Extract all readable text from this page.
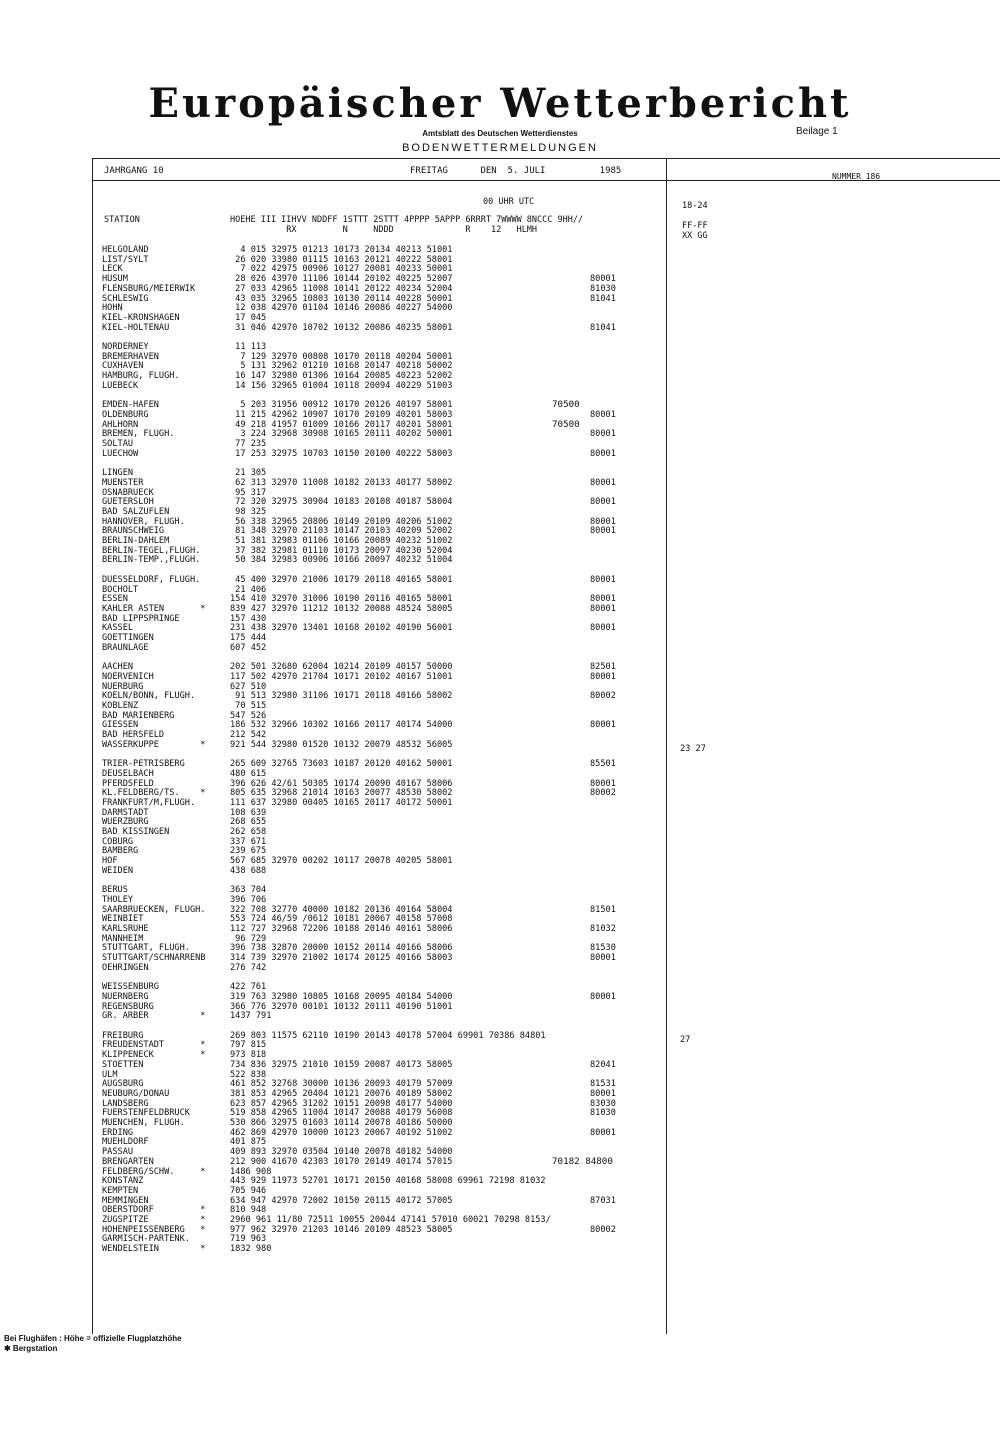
Europäischer Wetterbericht
Amtsblatt des Deutschen Wetterdienstes	Beilage 1
BODENWETTERMELDUNGEN
JAHRGANG 10	FREITAG      DEN  5. JULI          1985
NUMMER 186
00 UHR UTC	18-24
STATION	HOEHE III IIHVV NDDFF 1STTT 2STTT 4PPPP 5APPP 6RRRT 7WWWW 8NCCC 9HH//
RX         N     NDDD              R    12   HLMH	FF-FF
XX GG
HELGOLAND	4 015 32975 01213 10173 20134 40213 51001
LIST/SYLT	26 020 33980 01115 10163 20121 40222 58001
LECK	7 022 42975 00906 10127 20081 40233 50001
HUSUM	28 026 43970 11106 10144 20102 40225 52007	80001
FLENSBURG/MEIERWIK	27 033 42965 11008 10141 20122 40234 52004	81030
SCHLESWIG	43 035 32965 10803 10130 20114 40228 50001	81041
HOHN	12 038 42970 01104 10146 20086 40227 54000
KIEL-KRONSHAGEN	17 045
KIEL-HOLTENAU	31 046 42970 10702 10132 20086 40235 58001	81041
NORDERNEY	11 113
BREMERHAVEN	7 129 32970 00808 10170 20118 40204 50001
CUXHAVEN	5 131 32962 01210 10168 20147 40218 50002
HAMBURG, FLUGH.	16 147 32980 01306 10164 20085 40223 52002
LUEBECK	14 156 32965 01004 10118 20094 40229 51003
EMDEN-HAFEN	5 203 31956 00912 10170 20126 40197 58001	70500
OLDENBURG	11 215 42962 10907 10170 20109 40201 58003	80001
AHLHORN	49 218 41957 01009 10166 20117 40201 58001	70500
BREMEN, FLUGH.	3 224 32968 30908 10165 20111 40202 50001	80001
SOLTAU	77 235
LUECHOW	17 253 32975 10703 10150 20100 40222 58003	80001
LINGEN	21 305
MUENSTER	62 313 32970 11008 10182 20133 40177 58002	80001
OSNABRUECK	95 317
GUETERSLOH	72 320 32975 30904 10183 20108 40187 58004	80001
BAD SALZUFLEN	98 325
HANNOVER, FLUGH.	56 338 32965 20806 10149 20109 40206 51002	80001
BRAUNSCHWEIG	81 348 32970 21103 10147 20103 40209 52002	80001
BERLIN-DAHLEM	51 381 32983 01106 10166 20089 40232 51002
BERLIN-TEGEL,FLUGH.	37 382 32981 01110 10173 20097 40230 52004
BERLIN-TEMP.,FLUGH.	50 384 32983 00906 10166 20097 40232 51004
DUESSELDORF, FLUGH.	45 400 32970 21006 10179 20118 40165 58001	80001
BOCHOLT	21 406
ESSEN	154 410 32970 31006 10190 20116 40165 58001	80001
KAHLER ASTEN       *	839 427 32970 11212 10132 20088 48524 58005	80001
BAD LIPPSPRINGE	157 430
KASSEL	231 438 32970 13401 10168 20102 40190 56001	80001
GOETTINGEN	175 444
BRAUNLAGE	607 452
AACHEN	202 501 32680 62004 10214 20109 40157 50000	82501
NOERVENICH	117 502 42970 21704 10171 20102 40167 51001	80001
NUERBURG	627 510
KOELN/BONN, FLUGH.	91 513 32980 31106 10171 20118 40166 58002	80002
KOBLENZ	70 515
BAD MARIENBERG	547 526
GIESSEN	186 532 32966 10302 10166 20117 40174 54000	80001
BAD HERSFELD	212 542
WASSERKUPPE        *	921 544 32980 01520 10132 20079 48532 56005
TRIER-PETRISBERG	265 609 32765 73603 10187 20120 40162 50001	85501
DEUSELBACH	480 615
PFERDSFELD	396 626 42/61 50305 10174 20090 40167 58006	80001
KL.FELDBERG/TS.    *	805 635 32968 21014 10163 20077 48530 58002	80002
FRANKFURT/M,FLUGH.	111 637 32980 00405 10165 20117 40172 50001
DARMSTADT	108 639
WUERZBURG	268 655
BAD KISSINGEN	262 658
COBURG	337 671
BAMBERG	239 675
HOF	567 685 32970 00202 10117 20078 40205 58001
WEIDEN	438 688
BERUS	363 704
THOLEY	396 706
SAARBRUECKEN, FLUGH.	322 708 32770 40000 10182 20136 40164 58004	81501
WEINBIET	553 724 46/59 /0612 10181 20067 40158 57008
KARLSRUHE	112 727 32968 72206 10188 20146 40161 58006	81032
MANNHEIM	96 729
STUTTGART, FLUGH.	396 738 32870 20000 10152 20114 40166 58006	81530
STUTTGART/SCHNARRENB	314 739 32970 21002 10174 20125 40166 58003	80001
OEHRINGEN	276 742
WEISSENBURG	422 761
NUERNBERG	319 763 32980 10805 10168 20095 40184 54000	80001
REGENSBURG	366 776 32970 00101 10132 20111 40190 51001
GR. ARBER          *	1437 791
FREIBURG	269 803 11575 62110 10190 20143 40178 57004 69901 70386 84801
FREUDENSTADT       *	797 815
KLIPPENECK         *	973 818
STOETTEN	734 836 32975 21010 10159 20087 40173 58005	82041
ULM	522 838
AUGSBURG	461 852 32768 30000 10136 20093 40179 57009	81531
NEUBURG/DONAU	381 853 42965 20404 10121 20076 40189 58002	80001
LANDSBERG	623 857 42965 31202 10151 20098 40177 54000	83030
FUERSTENFELDBRUCK	519 858 42965 11004 10147 20088 40179 56008	81030
MUENCHEN, FLUGH.	530 866 32975 01603 10114 20078 40186 50000
ERDING	462 869 42970 10000 10123 20067 40192 51002	80001
MUEHLDORF	401 875
PASSAU	409 893 32970 03504 10140 20078 40182 54000
BRENGARTEN	212 900 41670 42303 10170 20149 40174 57015	70182 84800
FELDBERG/SCHW.     *	1486 908
KONSTANZ	443 929 11973 52701 10171 20150 40168 58008 69961 72198 81032
KEMPTEN	705 946
MEMMINGEN	634 947 42970 72002 10150 20115 40172 57005	87031
OBERSTDORF         *	810 948
ZUGSPITZE          *	2960 961 11/80 72511 10055 20044 47141 57010 60021 70298 8153/
HOHENPEISSENBERG   *	977 962 32970 21203 10146 20109 48523 58005	80002
GARMISCH-PARTENK.	719 963
WENDELSTEIN        *	1832 980
23 27
27
Bei Flughäfen : Höhe = offizielle Flugplatzhöhe
✱ Bergstation
